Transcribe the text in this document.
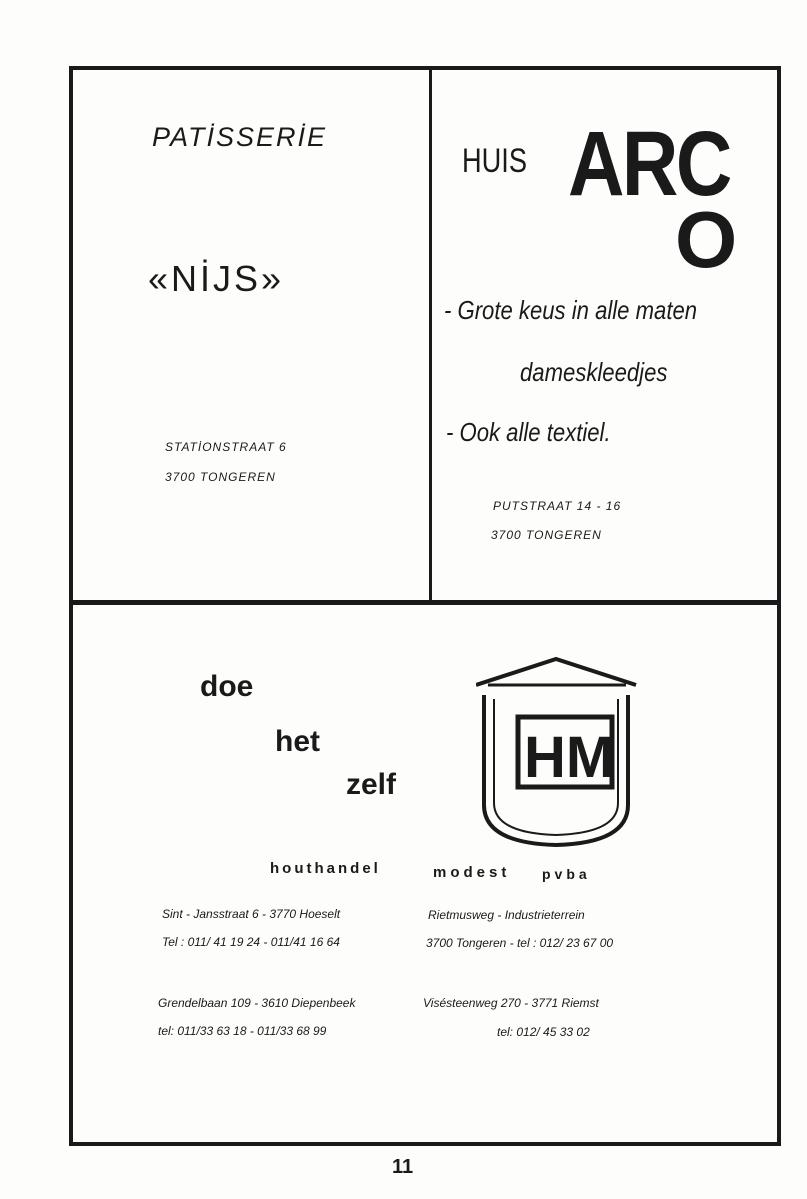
PATİSSERİE
«NİJS»
STATİONSTRAAT 6
3700 TONGEREN
HUIS ARC
O
- Grote keus in alle maten
dameskleedjes
- Ook alle textiel.
PUTSTRAAT 14 - 16
3700 TONGEREN
doe
het
zelf HM
houthandel	modest pvba
Sint - Jansstraat 6 - 3770 Hoeselt
Tel : 011/ 41 19 24 - 011/41 16 64
Rietmusweg - Industrieterrein
3700 Tongeren - tel : 012/ 23 67 00
Grendelbaan 109 - 3610 Diepenbeek
tel: 011/33 63 18 - 011/33 68 99
Visésteenweg 270 - 3771 Riemst
tel: 012/ 45 33 02
11
